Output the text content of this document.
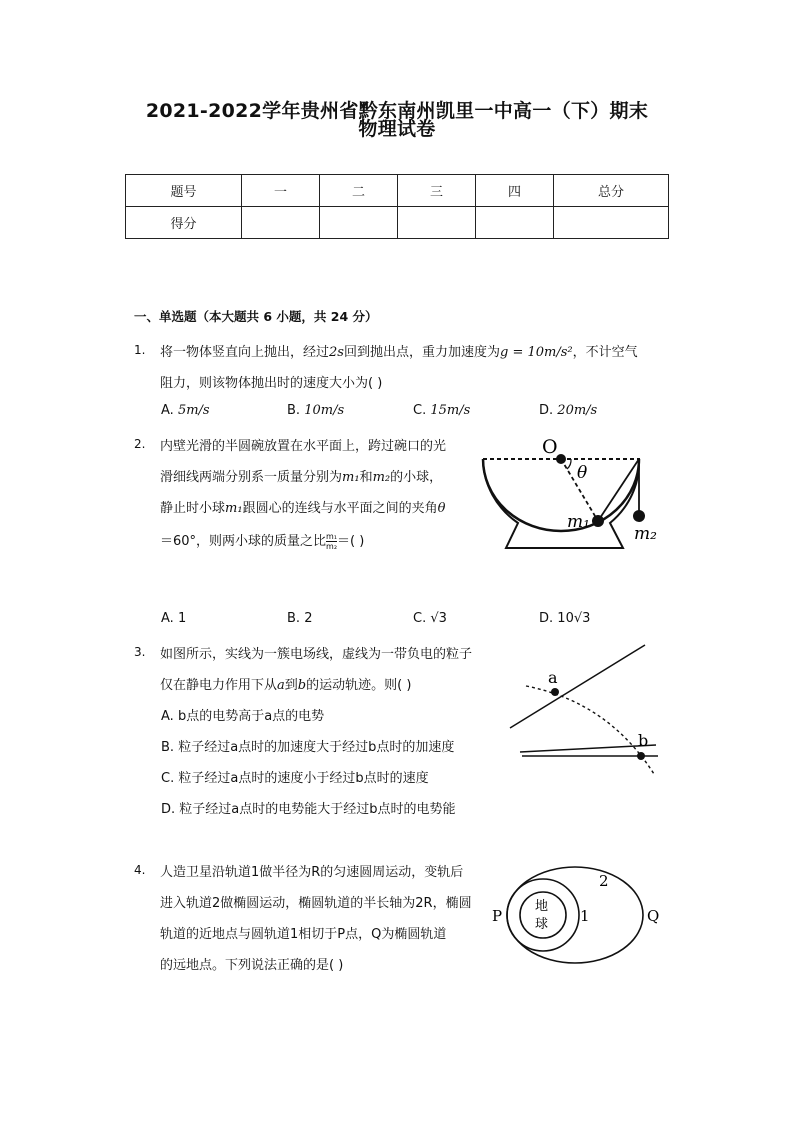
2021-2022学年贵州省黔东南州凯里一中高一（下）期末
物理试卷
题号	一	二	三	四	总分
得分					
一、单选题（本大题共 6 小题，共 24 分）
1. 将一物体竖直向上抛出，经过2s回到抛出点，重力加速度为g = 10m/s²，不计空气
阻力，则该物体抛出时的速度大小为( )
A. 5m/s	B. 10m/s	C. 15m/s	D. 20m/s
2. 内壁光滑的半圆碗放置在水平面上，跨过碗口的光
滑细线两端分别系一质量分别为m₁和m₂的小球，
静止时小球m₁跟圆心的连线与水平面之间的夹角θ
＝60°，则两小球的质量之比 $\frac{\text{m₁}}{\text{m₂}}$ ＝( )
O
θ
m₁
m₂
A. 1	B. 2	C. √3	D. 10√3
3. 如图所示，实线为一簇电场线，虚线为一带负电的粒子
仅在静电力作用下从a到b的运动轨迹。则( )
A. b点的电势高于a点的电势
B. 粒子经过a点时的加速度大于经过b点时的加速度
C. 粒子经过a点时的速度小于经过b点时的速度
D. 粒子经过a点时的电势能大于经过b点时的电势能
a
b
4. 人造卫星沿轨道1做半径为R的匀速圆周运动，变轨后
进入轨道2做椭圆运动，椭圆轨道的半长轴为2R，椭圆
轨道的近地点与圆轨道1相切于P点，Q为椭圆轨道
的远地点。下列说法正确的是( )
地
球 1
2
P	Q
